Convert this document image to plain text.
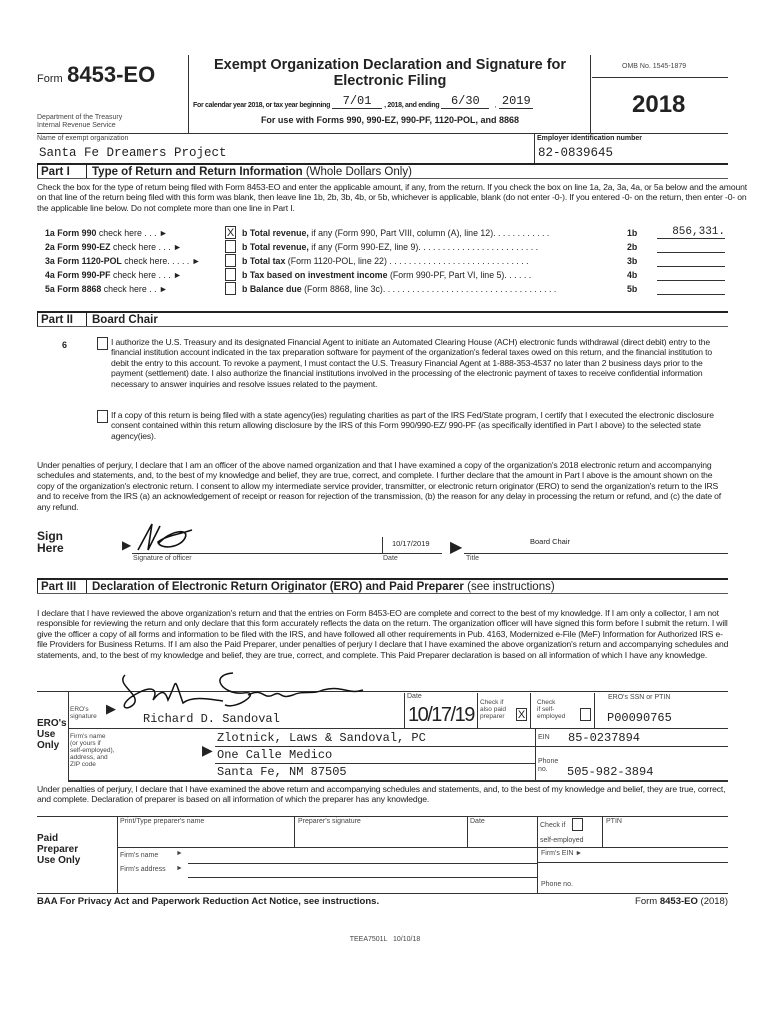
Form 8453-EO
Department of the Treasury
Internal Revenue Service
Exempt Organization Declaration and Signature for
Electronic Filing
For calendar year 2018, or tax year beginning	7/01	, 2018, and ending 6/30	, 2019
For use with Forms 990, 990-EZ, 990-PF, 1120-POL, and 8868
OMB No. 1545-1879
2018
Name of exempt organization
Santa Fe Dreamers Project
Employer identification number
82-0839645
Part I	Type of Return and Return Information (Whole Dollars Only)
Check the box for the type of return being filed with Form 8453-EO and enter the applicable amount, if any, from the return. If you check the box on line 1a, 2a, 3a, 4a, or 5a below and the amount on that line of the return being filed with this form was blank, then leave line 1b, 2b, 3b, 4b, or 5b, whichever is applicable, blank (do not enter -0-). If you entered -0- on the return, then enter -0- on the applicable line below. Do not complete more than one line in Part I.
1a Form 990 check here . . . ►	X b Total revenue, if any (Form 990, Part VIII, column (A), line 12). . . . . . . . . . . .	1b	856,331.
2a Form 990-EZ check here . . . ►	b Total revenue, if any (Form 990-EZ, line 9). . . . . . . . . . . . . . . . . . . . . . . . .	2b
3a Form 1120-POL check here. . . . . ►	b Total tax (Form 1120-POL, line 22) . . . . . . . . . . . . . . . . . . . . . . . . . . . . .	3b
4a Form 990-PF check here . . . ►	b Tax based on investment income (Form 990-PF, Part VI, line 5). . . . . .	4b
5a Form 8868 check here . . ►	b Balance due (Form 8868, line 3c). . . . . . . . . . . . . . . . . . . . . . . . . . . . . . . . . . . .	5b
Part II	Board Chair
6	I authorize the U.S. Treasury and its designated Financial Agent to initiate an Automated Clearing House (ACH) electronic funds withdrawal (direct debit) entry to the financial institution account indicated in the tax preparation software for payment of the organization's federal taxes owed on this return, and the financial institution to debit the entry to this account. To revoke a payment, I must contact the U.S. Treasury Financial Agent at 1-888-353-4537 no later than 2 business days prior to the payment (settlement) date. I also authorize the financial institutions involved in the processing of the electronic payment of taxes to receive confidential information necessary to answer inquiries and resolve issues related to the payment.
If a copy of this return is being filed with a state agency(ies) regulating charities as part of the IRS Fed/State program, I certify that I executed the electronic disclosure consent contained within this return allowing disclosure by the IRS of this Form 990/990-EZ/ 990-PF (as specifically identified in Part I above) to the selected state agency(ies).
Under penalties of perjury, I declare that I am an officer of the above named organization and that I have examined a copy of the organization's 2018 electronic return and accompanying schedules and statements, and, to the best of my knowledge and belief, they are true, correct, and complete. I further declare that the amount in Part I above is the amount shown on the copy of the organization's electronic return. I consent to allow my intermediate service provider, transmitter, or electronic return originator (ERO) to send the organization's return to the IRS and to receive from the IRS (a) an acknowledgement of receipt or reason for rejection of the transmission, (b) the reason for any delay in processing the return or refund, and (c) the date of any refund.
Sign
Here	▶
Signature of officer
10/17/2019
Date
▶	Board Chair
Title
Part III	Declaration of Electronic Return Originator (ERO) and Paid Preparer (see instructions)
I declare that I have reviewed the above organization's return and that the entries on Form 8453-EO are complete and correct to the best of my knowledge. If I am only a collector, I am not responsible for reviewing the return and only declare that this form accurately reflects the data on the return. The organization officer will have signed this form before I submit the return. I will give the officer a copy of all forms and information to be filed with the IRS, and have followed all other requirements in Pub. 4163, Modernized e-File (MeF) Information for Authorized IRS e-file Providers for Business Returns. If I am also the Paid Preparer, under penalties of perjury I declare that I have examined the above organization's return and accompanying schedules and statements, and, to the best of my knowledge and belief, they are true, correct, and complete. This Paid Preparer declaration is based on all information of which I have any knowledge.
ERO's
Use
Only
ERO's
signature
▶
Richard D. Sandoval
Date
10/17/19
Check if
also paid
preparer X
Check
if self-
employed
ERO's SSN or PTIN
P00090765
Firm's name
(or yours if
self-employed),
address, and
ZIP code
▶
Zlotnick, Laws & Sandoval, PC
One Calle Medico
Santa Fe, NM 87505
EIN 85-0237894
Phone
no.	505-982-3894
Under penalties of perjury, I declare that I have examined the above return and accompanying schedules and statements, and, to the best of my knowledge and belief, they are true, correct, and complete. Declaration of preparer is based on all information of which the preparer has any knowledge.
Paid
Preparer
Use Only
Print/Type preparer's name	Preparer's signature	Date
Check if
self-employed
PTIN
Firm's name	►	Firm's EIN ►
Firm's address ►
Phone no.
BAA For Privacy Act and Paperwork Reduction Act Notice, see instructions.	Form 8453-EO (2018)
TEEA7501L   10/10/18
